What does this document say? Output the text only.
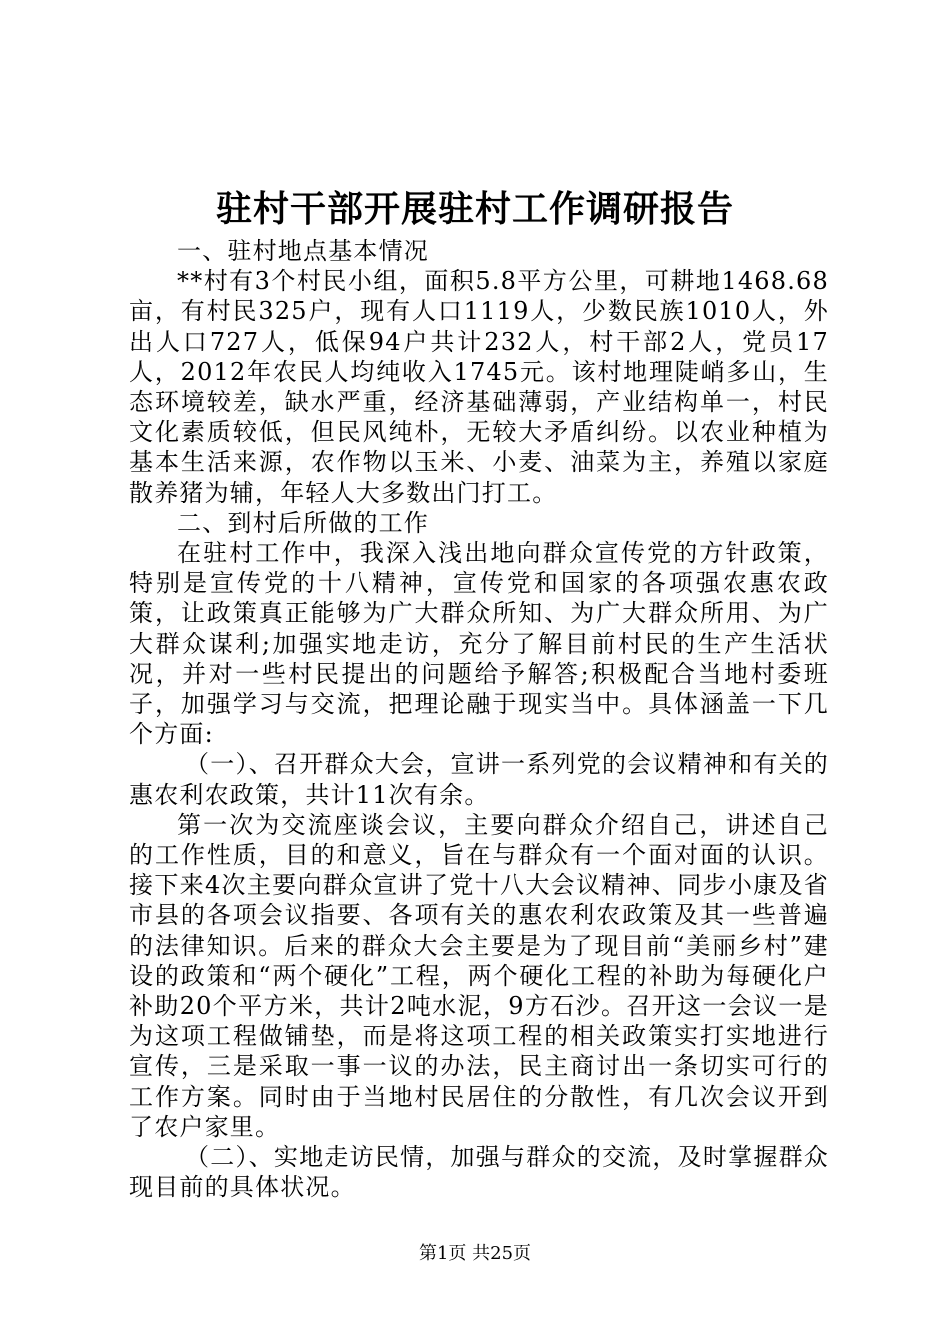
驻村干部开展驻村工作调研报告

一、驻村地点基本情况

**村有3个村民小组，面积5.8平方公里，可耕地1468.68亩，有村民325户，现有人口1119人，少数民族1010人，外出人口727人，低保94户共计232人，村干部2人，党员17人，2012年农民人均纯收入1745元。该村地理陡峭多山，生态环境较差，缺水严重，经济基础薄弱，产业结构单一，村民文化素质较低，但民风纯朴，无较大矛盾纠纷。以农业种植为基本生活来源，农作物以玉米、小麦、油菜为主，养殖以家庭散养猪为辅，年轻人大多数出门打工。

二、到村后所做的工作

在驻村工作中，我深入浅出地向群众宣传党的方针政策，特别是宣传党的十八精神，宣传党和国家的各项强农惠农政策，让政策真正能够为广大群众所知、为广大群众所用、为广大群众谋利;加强实地走访，充分了解目前村民的生产生活状况，并对一些村民提出的问题给予解答;积极配合当地村委班子，加强学习与交流，把理论融于现实当中。具体涵盖一下几个方面:

（一）、召开群众大会，宣讲一系列党的会议精神和有关的惠农利农政策，共计11次有余。

第一次为交流座谈会议，主要向群众介绍自己，讲述自己的工作性质，目的和意义，旨在与群众有一个面对面的认识。接下来4次主要向群众宣讲了党十八大会议精神、同步小康及省市县的各项会议指要、各项有关的惠农利农政策及其一些普遍的法律知识。后来的群众大会主要是为了现目前“美丽乡村”建设的政策和“两个硬化”工程，两个硬化工程的补助为每硬化户补助20个平方米，共计2吨水泥，9方石沙。召开这一会议一是为这项工程做铺垫，而是将这项工程的相关政策实打实地进行宣传，三是采取一事一议的办法，民主商讨出一条切实可行的工作方案。同时由于当地村民居住的分散性，有几次会议开到了农户家里。

（二）、实地走访民情，加强与群众的交流，及时掌握群众现目前的具体状况。

第1页 共25页
